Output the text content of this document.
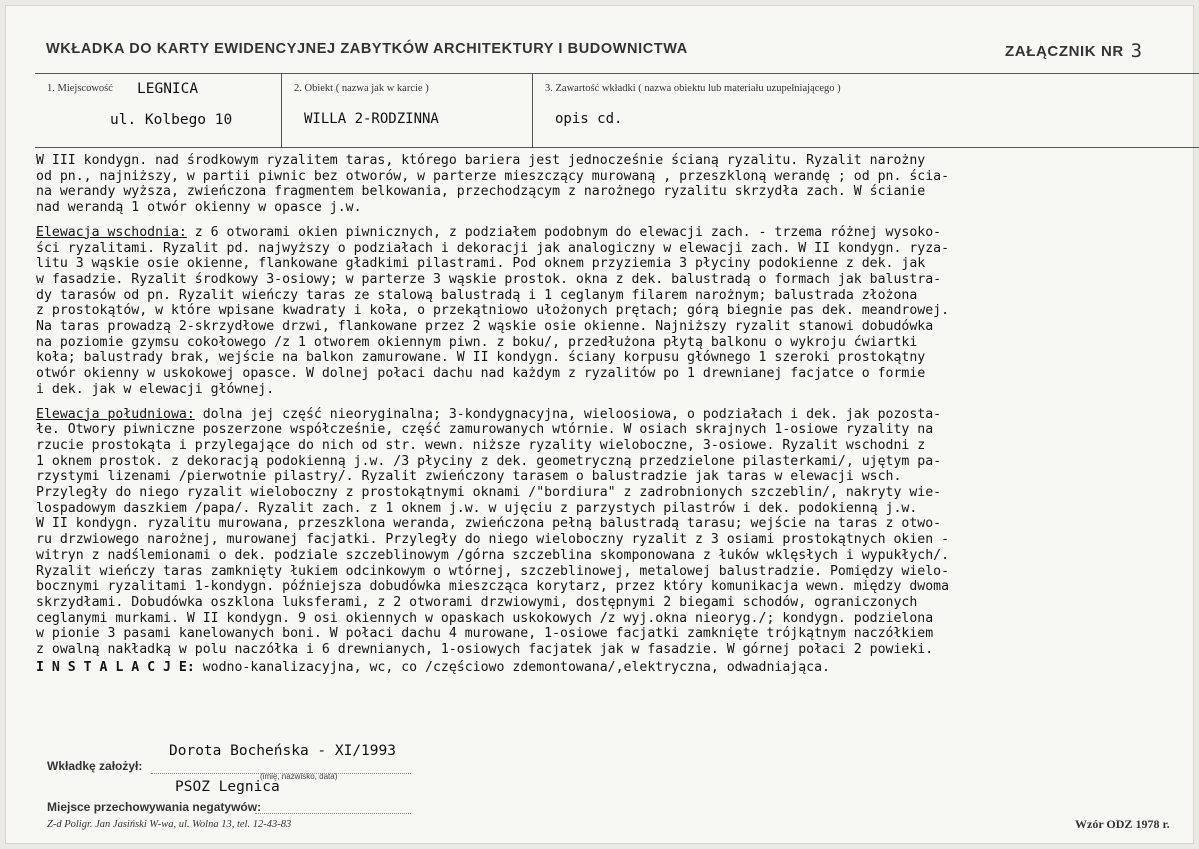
WKŁADKA DO KARTY EWIDENCYJNEJ ZABYTKÓW ARCHITEKTURY I BUDOWNICTWA	ZAŁĄCZNIK NR 3
1. Miejscowość LEGNICA
ul. Kolbego 10
2. Obiekt ( nazwa jak w karcie )
WILLA 2-RODZINNA
3. Zawartość wkładki ( nazwa obiektu lub materiału uzupełniającego )
opis cd.
W III kondygn. nad środkowym ryzalitem taras, którego bariera jest jednocześnie ścianą ryzalitu. Ryzalit narożny
od pn., najniższy, w partii piwnic bez otworów, w parterze mieszczący murowaną , przeszkloną werandę ; od pn. ścia-
na werandy wyższa, zwieńczona fragmentem belkowania, przechodzącym z narożnego ryzalitu skrzydła zach. W ścianie
nad werandą 1 otwór okienny w opasce j.w.
Elewacja wschodnia: z 6 otworami okien piwnicznych, z podziałem podobnym do elewacji zach. - trzema różnej wysoko-
ści ryzalitami. Ryzalit pd. najwyższy o podziałach i dekoracji jak analogiczny w elewacji zach. W II kondygn. ryza-
litu 3 wąskie osie okienne, flankowane gładkimi pilastrami. Pod oknem przyziemia 3 płyciny podokienne z dek. jak
w fasadzie. Ryzalit środkowy 3-osiowy; w parterze 3 wąskie prostok. okna z dek. balustradą o formach jak balustra-
dy tarasów od pn. Ryzalit wieńczy taras ze stalową balustradą i 1 ceglanym filarem narożnym; balustrada złożona
z prostokątów, w które wpisane kwadraty i koła, o przekątniowo ułożonych prętach; górą biegnie pas dek. meandrowej.
Na taras prowadzą 2-skrzydłowe drzwi, flankowane przez 2 wąskie osie okienne. Najniższy ryzalit stanowi dobudówka
na poziomie gzymsu cokołowego /z 1 otworem okiennym piwn. z boku/, przedłużona płytą balkonu o wykroju ćwiartki
koła; balustrady brak, wejście na balkon zamurowane. W II kondygn. ściany korpusu głównego 1 szeroki prostokątny
otwór okienny w uskokowej opasce. W dolnej połaci dachu nad każdym z ryzalitów po 1 drewnianej facjatce o formie
i dek. jak w elewacji głównej.
Elewacja południowa: dolna jej część nieoryginalna; 3-kondygnacyjna, wieloosiowa, o podziałach i dek. jak pozosta-
łe. Otwory piwniczne poszerzone współcześnie, część zamurowanych wtórnie. W osiach skrajnych 1-osiowe ryzality na
rzucie prostokąta i przylegające do nich od str. wewn. niższe ryzality wieloboczne, 3-osiowe. Ryzalit wschodni z
1 oknem prostok. z dekoracją podokienną j.w. /3 płyciny z dek. geometryczną przedzielone pilasterkami/, ujętym pa-
rzystymi lizenami /pierwotnie pilastry/. Ryzalit zwieńczony tarasem o balustradzie jak taras w elewacji wsch.
Przyległy do niego ryzalit wieloboczny z prostokątnymi oknami /"bordiura" z zadrobnionych szczeblin/, nakryty wie-
lospadowym daszkiem /papa/. Ryzalit zach. z 1 oknem j.w. w ujęciu z parzystych pilastrów i dek. podokienną j.w.
W II kondygn. ryzalitu murowana, przeszklona weranda, zwieńczona pełną balustradą tarasu; wejście na taras z otwo-
ru drzwiowego narożnej, murowanej facjatki. Przyległy do niego wieloboczny ryzalit z 3 osiami prostokątnych okien -
witryn z nadślemionami o dek. podziale szczeblinowym /górna szczeblina skomponowana z łuków wklęsłych i wypukłych/.
Ryzalit wieńczy taras zamknięty łukiem odcinkowym o wtórnej, szczeblinowej, metalowej balustradzie. Pomiędzy wielo-
bocznymi ryzalitami 1-kondygn. późniejsza dobudówka mieszcząca korytarz, przez który komunikacja wewn. między dwoma
skrzydłami. Dobudówka oszklona luksferami, z 2 otworami drzwiowymi, dostępnymi 2 biegami schodów, ograniczonych
ceglanymi murkami. W II kondygn. 9 osi okiennych w opaskach uskokowych /z wyj.okna nieoryg./; kondygn. podzielona
w pionie 3 pasami kanelowanych boni. W połaci dachu 4 murowane, 1-osiowe facjatki zamknięte trójkątnym naczółkiem
z owalną nakładką w polu naczółka i 6 drewnianych, 1-osiowych facjatek jak w fasadzie. W górnej połaci 2 powieki.
I N S T A L A C J E: wodno-kanalizacyjna, wc, co /częściowo zdemontowana/,elektryczna, odwadniająca.
Wkładkę założył:
Dorota Bocheńska - XI/1993
(imię, nazwisko, data)
PSOZ Legnica
Miejsce przechowywania negatywów:
Z-d Poligr. Jan Jasiński W-wa, ul. Wolna 13, tel. 12-43-83	Wzór ODZ 1978 r.
